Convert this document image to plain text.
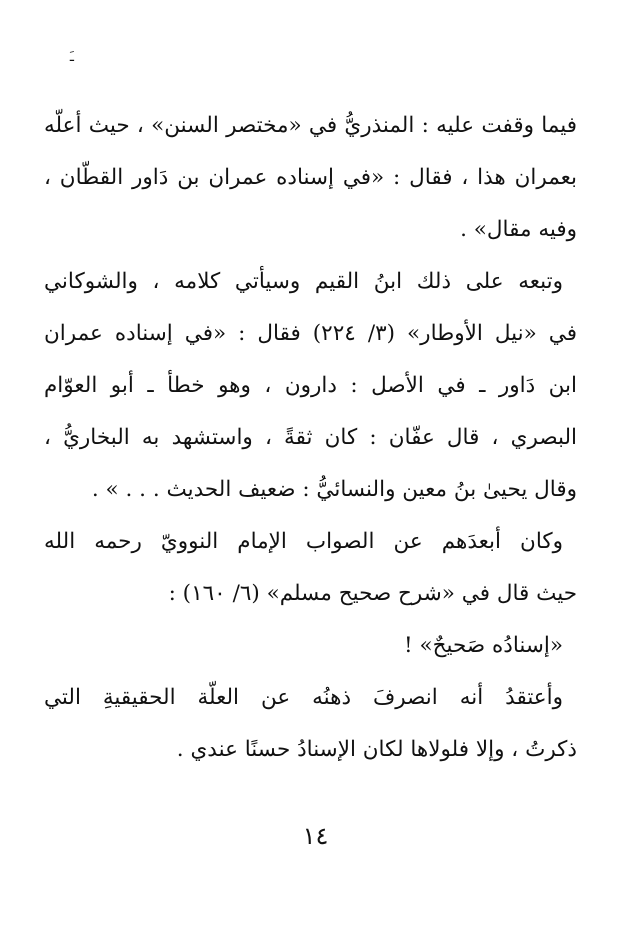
ـَ
فيما وقفت عليه : المنذريُّ في «مختصر السنن» ، حيث أعلّه
بعمران هذا ، فقال : «في إسناده عمران بن دَاور القطّان ،
وفيه مقال» .
وتبعه على ذلك ابنُ القيم وسيأتي كلامه ، والشوكاني
في «نيل الأوطار» (٣/ ٢٢٤) فقال : «في إسناده عمران
ابن دَاور ـ في الأصل : دارون ، وهو خطأ ـ أبو العوّام
البصري ، قال عفّان : كان ثقةً ، واستشهد به البخاريُّ ،
وقال يحيىٰ بنُ معين والنسائيُّ : ضعيف الحديث . . . » .
وكان أبعدَهم عن الصواب الإمام النوويّ رحمه الله
حيث قال في «شرح صحيح مسلم» (٦/ ١٦٠) :
«إسنادُه صَحيحٌ» !
وأعتقدُ أنه انصرفَ ذهنُه عن العلّة الحقيقيةِ التي
ذكرتُ ، وإلا فلولاها لكان الإسنادُ حسنًا عندي .
١٤
